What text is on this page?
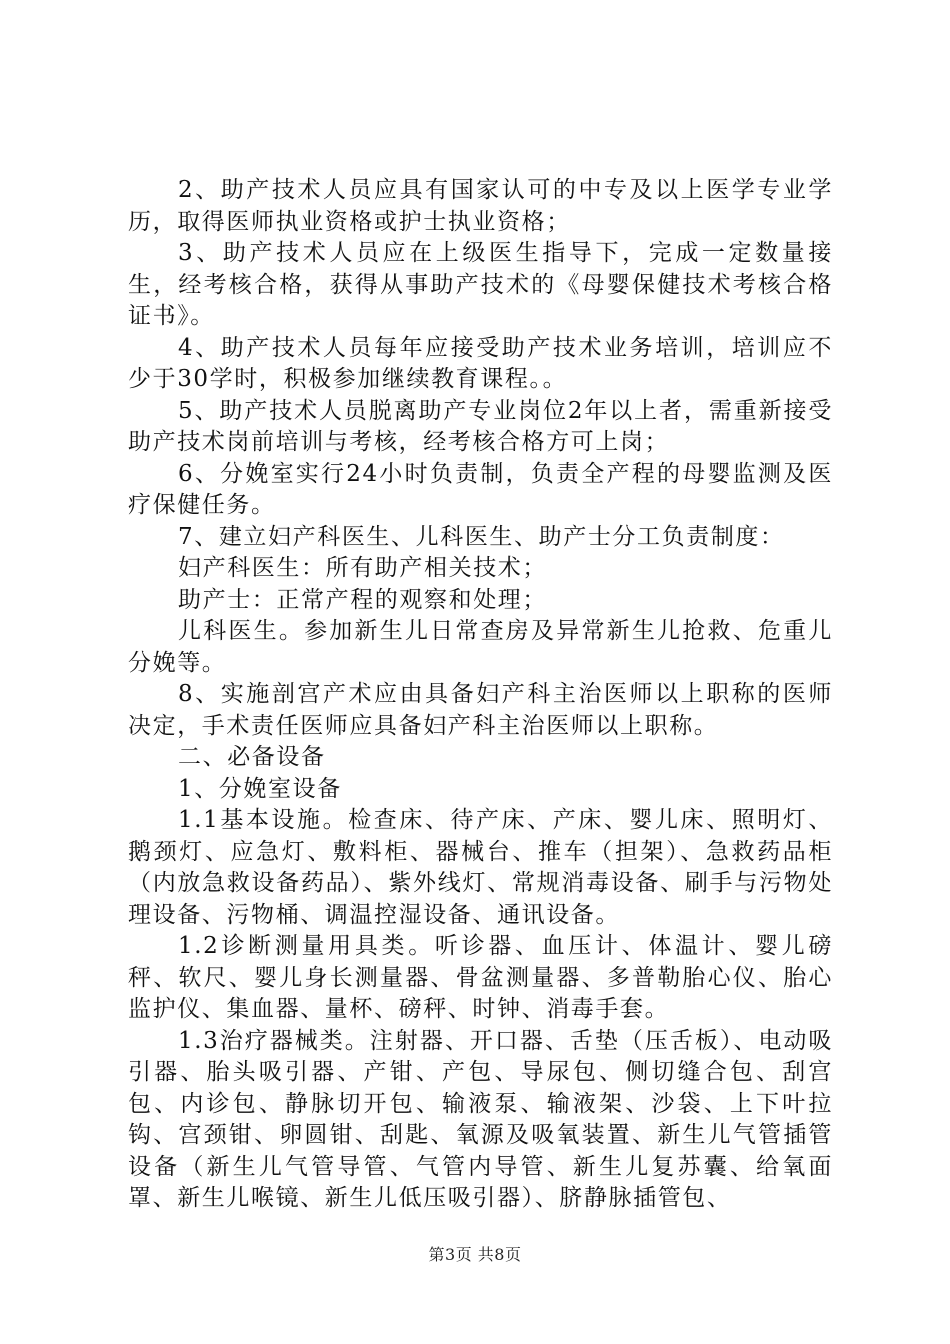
2、助产技术人员应具有国家认可的中专及以上医学专业学历，取得医师执业资格或护士执业资格；

3、助产技术人员应在上级医生指导下，完成一定数量接生，经考核合格，获得从事助产技术的《母婴保健技术考核合格证书》。

4、助产技术人员每年应接受助产技术业务培训，培训应不少于30学时，积极参加继续教育课程。。

5、助产技术人员脱离助产专业岗位2年以上者，需重新接受助产技术岗前培训与考核，经考核合格方可上岗；

6、分娩室实行24小时负责制，负责全产程的母婴监测及医疗保健任务。

7、建立妇产科医生、儿科医生、助产士分工负责制度：

妇产科医生：所有助产相关技术；

助产士：正常产程的观察和处理；

儿科医生。参加新生儿日常查房及异常新生儿抢救、危重儿分娩等。

8、实施剖宫产术应由具备妇产科主治医师以上职称的医师决定，手术责任医师应具备妇产科主治医师以上职称。

二、必备设备

1、分娩室设备

1.1基本设施。检查床、待产床、产床、婴儿床、照明灯、鹅颈灯、应急灯、敷料柜、器械台、推车（担架）、急救药品柜（内放急救设备药品）、紫外线灯、常规消毒设备、刷手与污物处理设备、污物桶、调温控湿设备、通讯设备。

1.2诊断测量用具类。听诊器、血压计、体温计、婴儿磅秤、软尺、婴儿身长测量器、骨盆测量器、多普勒胎心仪、胎心监护仪、集血器、量杯、磅秤、时钟、消毒手套。

1.3治疗器械类。注射器、开口器、舌垫（压舌板）、电动吸引器、胎头吸引器、产钳、产包、导尿包、侧切缝合包、刮宫包、内诊包、静脉切开包、输液泵、输液架、沙袋、上下叶拉钩、宫颈钳、卵圆钳、刮匙、氧源及吸氧装置、新生儿气管插管设备（新生儿气管导管、气管内导管、新生儿复苏囊、给氧面罩、新生儿喉镜、新生儿低压吸引器）、脐静脉插管包、

第3页 共8页
